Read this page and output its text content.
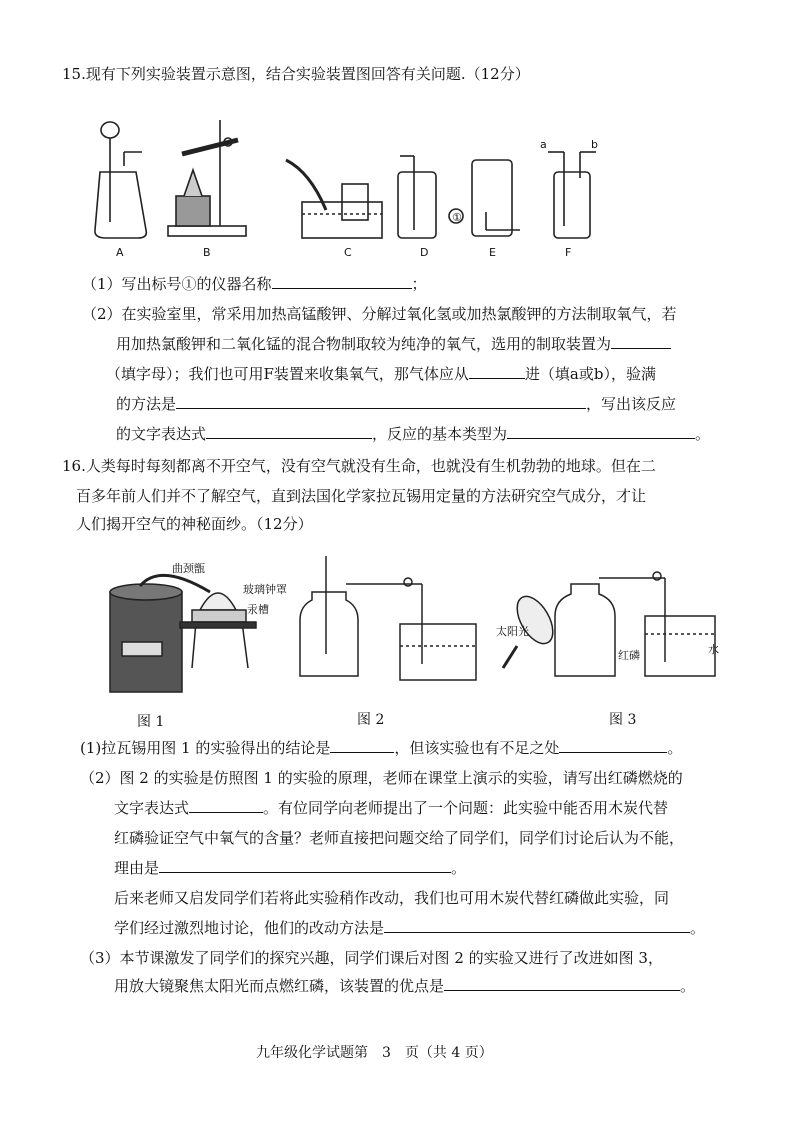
15.现有下列实验装置示意图，结合实验装置图回答有关问题.（12分）
a	b
①
A	B	C	D	E	F
（1）写出标号①的仪器名称	；
（2）在实验室里，常采用加热高锰酸钾、分解过氧化氢或加热氯酸钾的方法制取氧气，若
用加热氯酸钾和二氧化锰的混合物制取较为纯净的氧气，选用的制取装置为
（填字母）；我们也可用F装置来收集氧气，那气体应从	进（填a或b），验满
的方法是	，写出该反应
的文字表达式	，反应的基本类型为	。
16.人类每时每刻都离不开空气，没有空气就没有生命，也就没有生机勃勃的地球。但在二
百多年前人们并不了解空气，直到法国化学家拉瓦锡用定量的方法研究空气成分，才让
人们揭开空气的神秘面纱。（12分）
曲颈甑
玻璃钟罩
汞槽
太阳光
红磷	水
图 1	图 2	图 3
(1)拉瓦锡用图 1 的实验得出的结论是	，但该实验也有不足之处	。
（2）图 2 的实验是仿照图 1 的实验的原理，老师在课堂上演示的实验，请写出红磷燃烧的
文字表达式	。有位同学向老师提出了一个问题：此实验中能否用木炭代替
红磷验证空气中氧气的含量？老师直接把问题交给了同学们，同学们讨论后认为不能，
理由是	。
后来老师又启发同学们若将此实验稍作改动，我们也可用木炭代替红磷做此实验，同
学们经过激烈地讨论，他们的改动方法是	。
（3）本节课激发了同学们的探究兴趣，同学们课后对图 2 的实验又进行了改进如图 3，
用放大镜聚焦太阳光而点燃红磷，该装置的优点是	。
九年级化学试题第　3　页（共 4 页）
